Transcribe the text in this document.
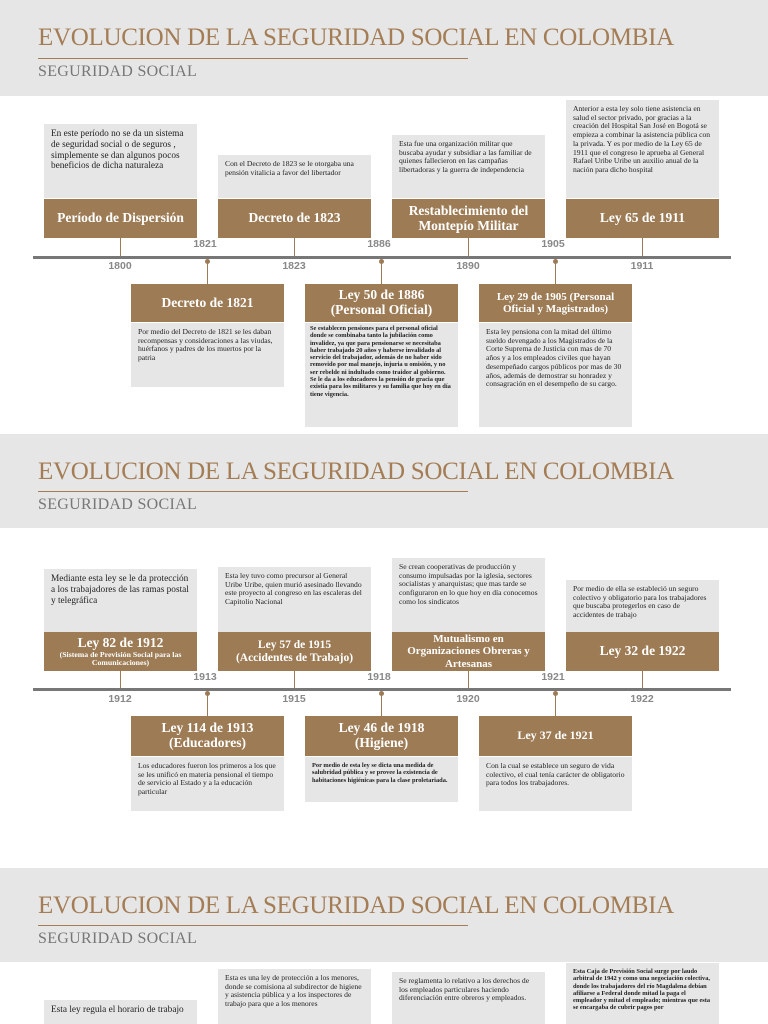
EVOLUCION DE LA SEGURIDAD SOCIAL EN COLOMBIA
SEGURIDAD SOCIAL
En este período no se da un sistema de seguridad social o de seguros , simplemente se dan algunos pocos beneficios de dicha naturaleza	Con el Decreto de 1823 se le otorgaba una pensión vitalicia a favor del libertador
Esta fue una organización militar que buscaba ayudar y subsidiar a las familiar de quienes fallecieron en las campañas libertadoras y la guerra de independencia
Anterior a esta ley solo tiene asistencia en salud el sector privado, por gracias a la creación del Hospital San José en Bogotá se empieza a combinar la asistencia pública con la privada. Y es por medio de la Ley 65 de 1911 que el congreso le aprueba al General Rafael Uribe Uribe un auxilio anual de la nación para dicho hospital
Período de Dispersión	Decreto de 1823	Restablecimiento del Montepío Militar	Ley 65 de 1911
1821	1886	1905
1800	1823	1890	1911
Decreto de 1821	Ley 50 de 1886
(Personal Oficial)
Ley 29 de 1905 (Personal Oficial y Magistrados)
Por medio del Decreto de 1821 se les daban recompensas y consideraciones a las viudas, huérfanos y padres de los muertos por la patria
Se establecen pensiones para el personal oficial donde se combinaba tanto la jubilación como invalidez, ya que para pensionarse se necesitaba haber trabajado 20 años y haberse invalidado al servicio del trabajador, además de no haber sido removido por mal manejo, injuria u omisión, y no ser rebelde ni indultado como traidor al gobierno. Se le da a los educadores la pensión de gracia que existía para los militares y su familia que hoy en día tiene vigencia.
Esta ley pensiona con la mitad del último sueldo devengado a los Magistrados de la Corte Suprema de Justicia con mas de 70 años y a los empleados civiles que hayan desempeñado cargos públicos por mas de 30 años, además de demostrar su honradez y consagración en el desempeño de su cargo.
EVOLUCION DE LA SEGURIDAD SOCIAL EN COLOMBIA
SEGURIDAD SOCIAL
Mediante esta ley se le da protección a los trabajadores de las ramas postal y telegráfica
Esta ley tuvo como precursor al General Uribe Uribe, quien murió asesinado llevando este proyecto al congreso en las escaleras del Capitolio Nacional
Se crean cooperativas de producción y consumo impulsadas por la iglesia, sectores socialistas y anarquistas; que mas tarde se configuraron en lo que hoy en día conocemos como los sindicatos
Por medio de ella se estableció un seguro colectivo y obligatorio para los trabajadores que buscaba protegerlos en caso de accidentes de trabajo
Ley 82 de 1912
(Sistema de Previsión Social para las Comunicaciones)
Ley 57 de 1915
(Accidentes de Trabajo)
Mutualismo en Organizaciones Obreras y Artesanas
Ley 32 de 1922
1913	1918	1921
1912	1915	1920	1922
Ley 114 de 1913
(Educadores)
Ley 46 de 1918
(Higiene)	Ley 37 de 1921
Los educadores fueron los primeros a los que se les unificó en materia pensional el tiempo de servicio al Estado y a la educación particular
Por medio de esta ley se dicta una medida de salubridad pública y se provee la existencia de habitaciones higiénicas para la clase proletariada.
Con la cual se establece un seguro de vida colectivo, el cual tenía carácter de obligatorio para todos los trabajadores.
EVOLUCION DE LA SEGURIDAD SOCIAL EN COLOMBIA
SEGURIDAD SOCIAL
Esta ley regula el horario de trabajo
Esta es una ley de protección a los menores, donde se comisiona al subdirector de higiene y asistencia pública y a los inspectores de trabajo para que a los menores
Se reglamenta lo relativo a los derechos de los empleados particulares haciendo diferenciación entre obreros y empleados.
Esta Caja de Previsión Social surge por laudo arbitral de 1942 y como una negociación colectiva, donde los trabajadores del río Magdalena debían afiliarse a Federal donde mitad la paga el empleador y mitad el empleado; mientras que esta se encargaba de cubrir pagos por
